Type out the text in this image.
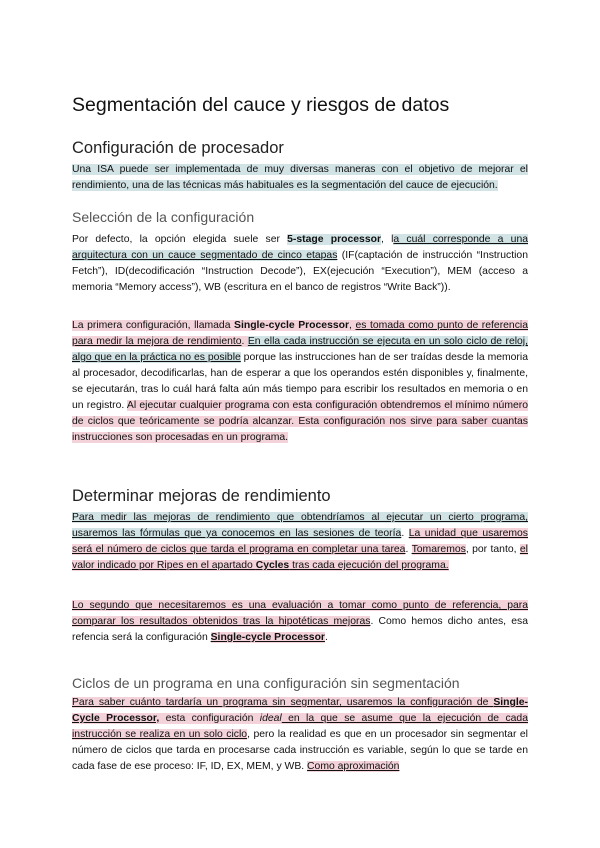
Segmentación del cauce y riesgos de datos
Configuración de procesador

Una ISA puede ser implementada de muy diversas maneras con el objetivo de mejorar el rendimiento, una de las técnicas más habituales es la segmentación del cauce de ejecución.

Selección de la configuración

Por defecto, la opción elegida suele ser 5-stage processor, la cuál corresponde a una arquitectura con un cauce segmentado de cinco etapas (IF(captación de instrucción “Instruction Fetch”), ID(decodificación “Instruction Decode”), EX(ejecución “Execution”), MEM (acceso a memoria “Memory access”), WB (escritura en el banco de registros “Write Back”)).

La primera configuración, llamada Single-cycle Processor, es tomada como punto de referencia para medir la mejora de rendimiento. En ella cada instrucción se ejecuta en un solo ciclo de reloj, algo que en la práctica no es posible porque las instrucciones han de ser traídas desde la memoria al procesador, decodificarlas, han de esperar a que los operandos estén disponibles y, finalmente, se ejecutarán, tras lo cuál hará falta aún más tiempo para escribir los resultados en memoria o en un registro. Al ejecutar cualquier programa con esta configuración obtendremos el mínimo número de ciclos que teóricamente se podría alcanzar. Esta configuración nos sirve para saber cuantas instrucciones son procesadas en un programa.

Determinar mejoras de rendimiento

Para medir las mejoras de rendimiento que obtendríamos al ejecutar un cierto programa, usaremos las fórmulas que ya conocemos en las sesiones de teoría. La unidad que usaremos será el número de ciclos que tarda el programa en completar una tarea. Tomaremos, por tanto, el valor indicado por Ripes en el apartado Cycles tras cada ejecución del programa.

Lo segundo que necesitaremos es una evaluación a tomar como punto de referencia, para comparar los resultados obtenidos tras la hipotéticas mejoras. Como hemos dicho antes, esa refencia será la configuración Single-cycle Processor.

Ciclos de un programa en una configuración sin segmentación

Para saber cuánto tardaría un programa sin segmentar, usaremos la configuración de Single-Cycle Processor, esta configuración ideal en la que se asume que la ejecución de cada instrucción se realiza en un solo ciclo, pero la realidad es que en un procesador sin segmentar el número de ciclos que tarda en procesarse cada instrucción es variable, según lo que se tarde en cada fase de ese proceso: IF, ID, EX, MEM, y WB. Como aproximación
